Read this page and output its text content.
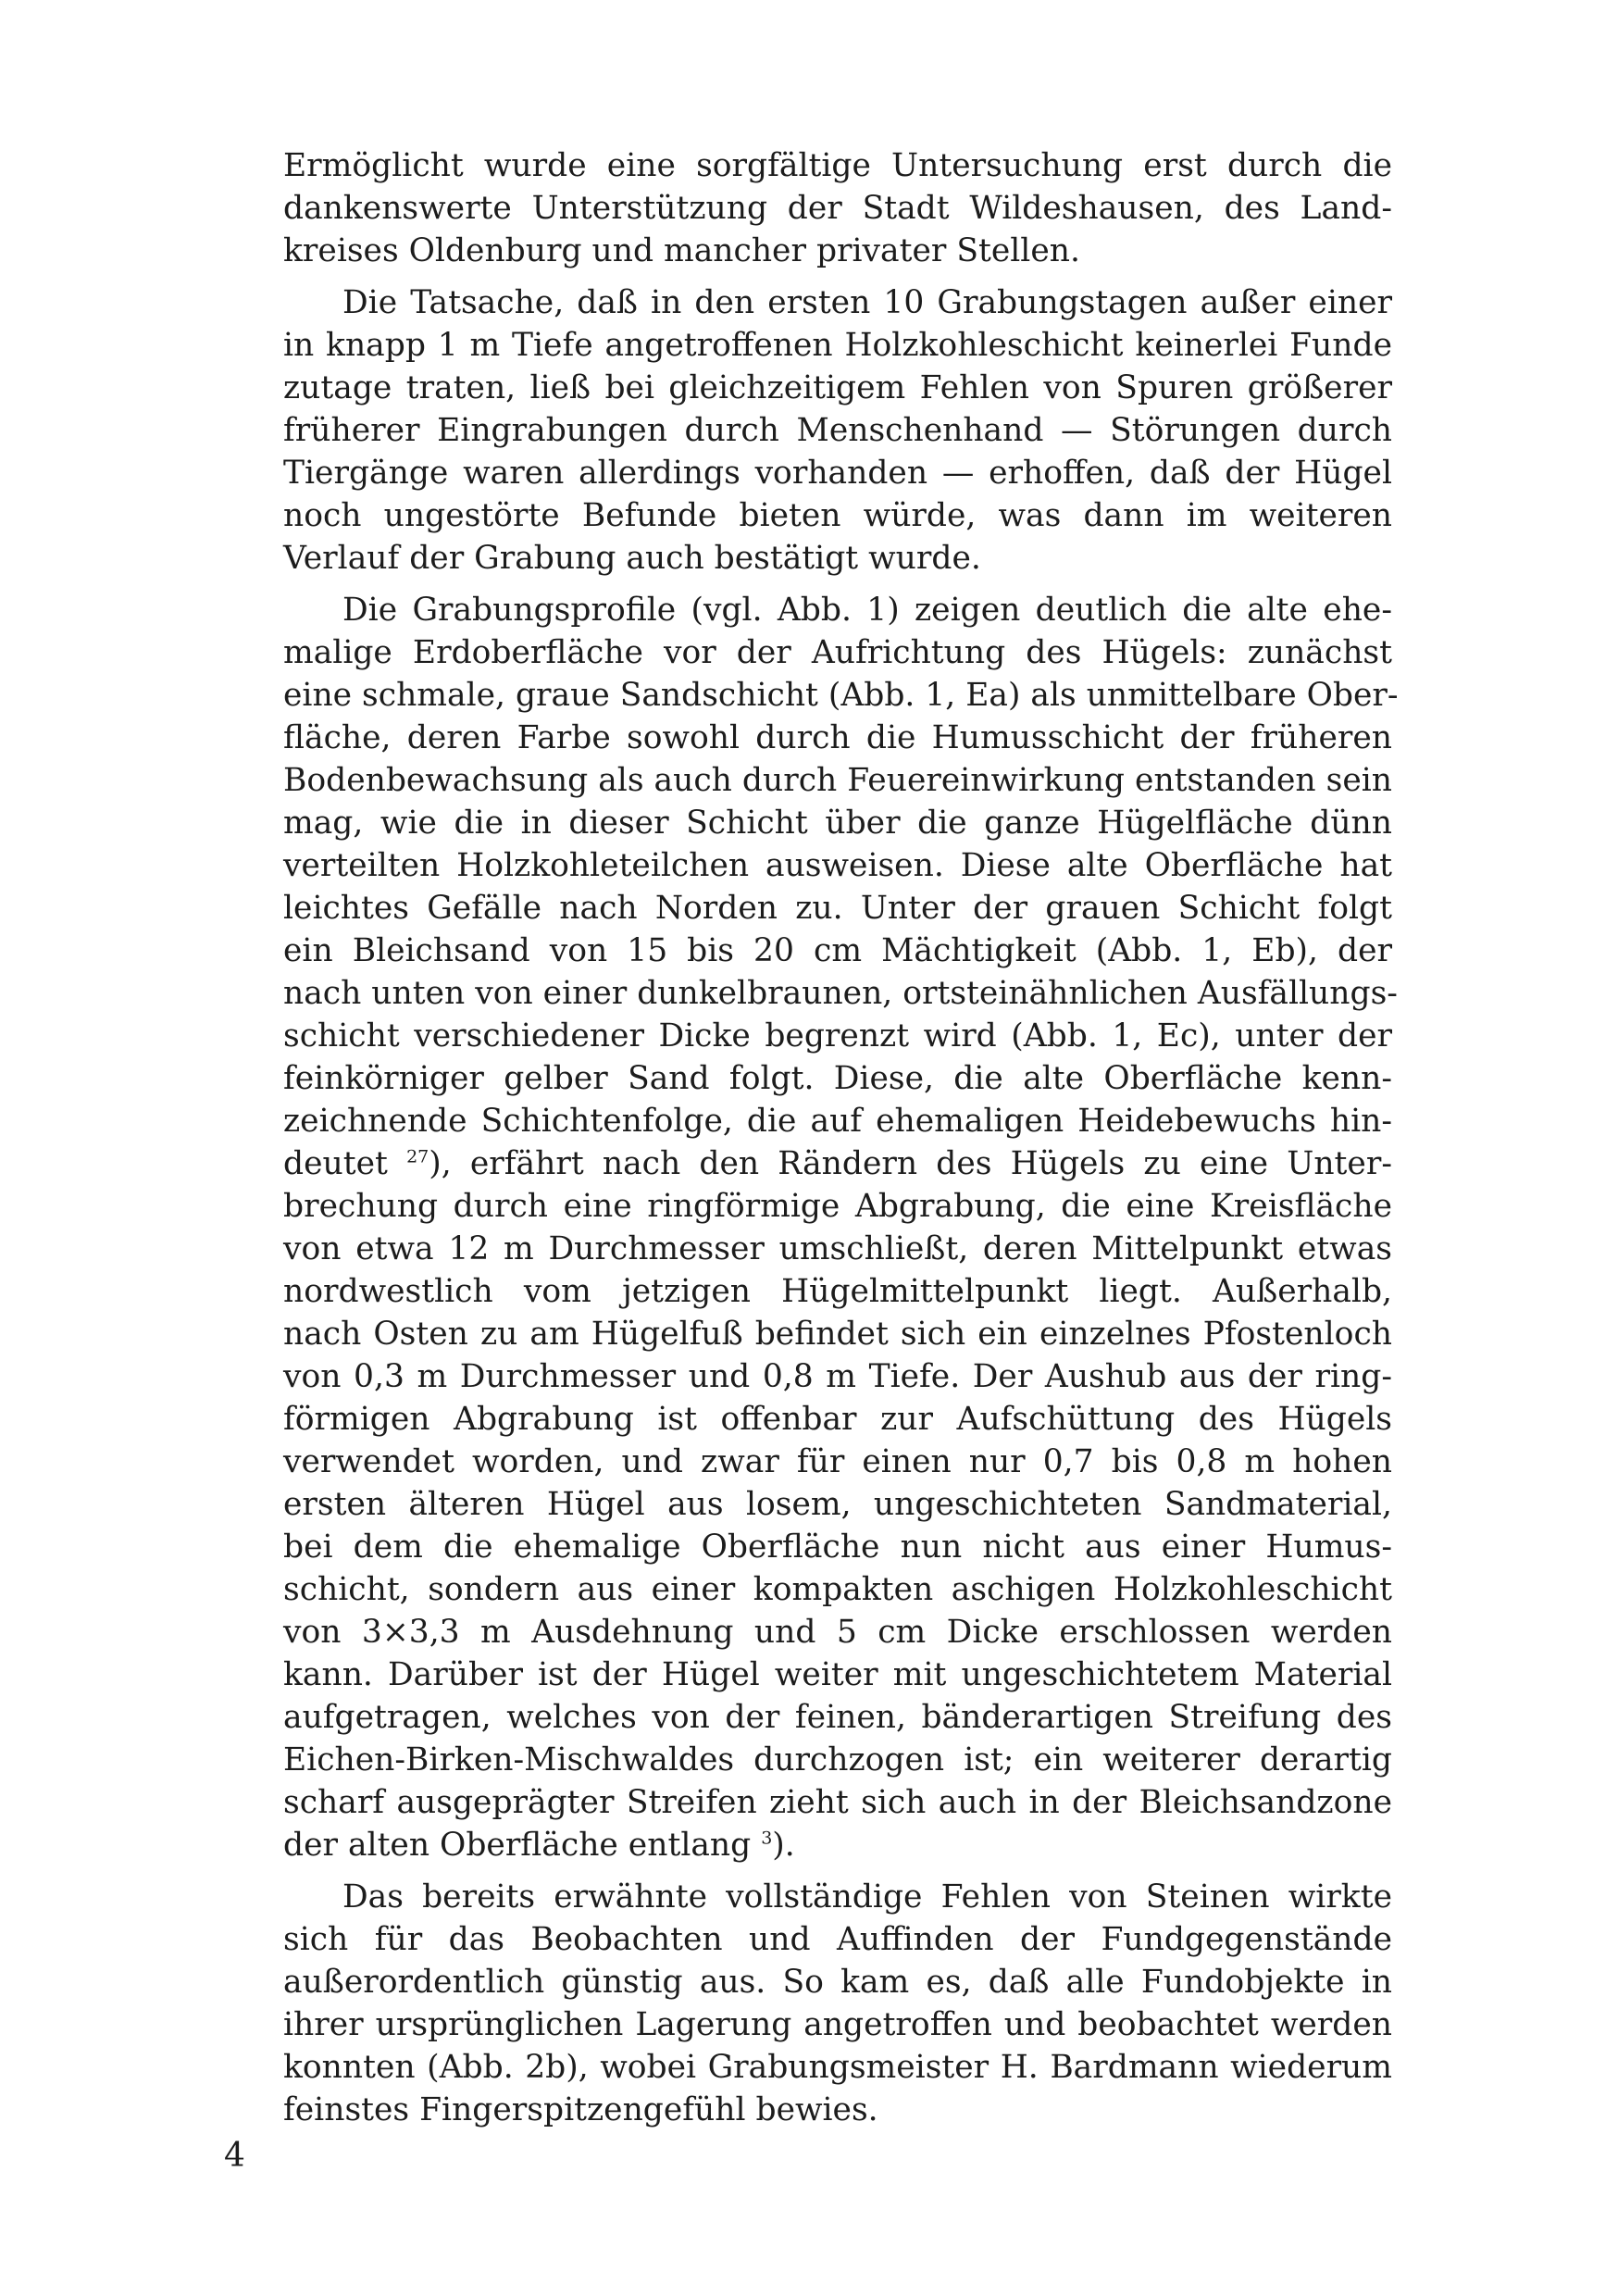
Ermöglicht wurde eine sorgfältige Untersuchung erst durch die
dankenswerte Unterstützung der Stadt Wildeshausen, des Land-
kreises Oldenburg und mancher privater Stellen.
Die Tatsache, daß in den ersten 10 Grabungstagen außer einer
in knapp 1 m Tiefe angetroffenen Holzkohleschicht keinerlei Funde
zutage traten, ließ bei gleichzeitigem Fehlen von Spuren größerer
früherer Eingrabungen durch Menschenhand — Störungen durch
Tiergänge waren allerdings vorhanden — erhoffen, daß der Hügel
noch ungestörte Befunde bieten würde, was dann im weiteren
Verlauf der Grabung auch bestätigt wurde.
Die Grabungsprofile (vgl. Abb. 1) zeigen deutlich die alte ehe-
malige Erdoberfläche vor der Aufrichtung des Hügels: zunächst
eine schmale, graue Sandschicht (Abb. 1, Ea) als unmittelbare Ober-
fläche, deren Farbe sowohl durch die Humusschicht der früheren
Bodenbewachsung als auch durch Feuereinwirkung entstanden sein
mag, wie die in dieser Schicht über die ganze Hügelfläche dünn
verteilten Holzkohleteilchen ausweisen. Diese alte Oberfläche hat
leichtes Gefälle nach Norden zu. Unter der grauen Schicht folgt
ein Bleichsand von 15 bis 20 cm Mächtigkeit (Abb. 1, Eb), der
nach unten von einer dunkelbraunen, ortsteinähnlichen Ausfällungs-
schicht verschiedener Dicke begrenzt wird (Abb. 1, Ec), unter der
feinkörniger gelber Sand folgt. Diese, die alte Oberfläche kenn-
zeichnende Schichtenfolge, die auf ehemaligen Heidebewuchs hin-
deutet $^{27}$), erfährt nach den Rändern des Hügels zu eine Unter-
brechung durch eine ringförmige Abgrabung, die eine Kreisfläche
von etwa 12 m Durchmesser umschließt, deren Mittelpunkt etwas
nordwestlich vom jetzigen Hügelmittelpunkt liegt. Außerhalb,
nach Osten zu am Hügelfuß befindet sich ein einzelnes Pfostenloch
von 0,3 m Durchmesser und 0,8 m Tiefe. Der Aushub aus der ring-
förmigen Abgrabung ist offenbar zur Aufschüttung des Hügels
verwendet worden, und zwar für einen nur 0,7 bis 0,8 m hohen
ersten älteren Hügel aus losem, ungeschichteten Sandmaterial,
bei dem die ehemalige Oberfläche nun nicht aus einer Humus-
schicht, sondern aus einer kompakten aschigen Holzkohleschicht
von 3×3,3 m Ausdehnung und 5 cm Dicke erschlossen werden
kann. Darüber ist der Hügel weiter mit ungeschichtetem Material
aufgetragen, welches von der feinen, bänderartigen Streifung des
Eichen-Birken-Mischwaldes durchzogen ist; ein weiterer derartig
scharf ausgeprägter Streifen zieht sich auch in der Bleichsandzone
der alten Oberfläche entlang $^3$).
Das bereits erwähnte vollständige Fehlen von Steinen wirkte
sich für das Beobachten und Auffinden der Fundgegenstände
außerordentlich günstig aus. So kam es, daß alle Fundobjekte in
ihrer ursprünglichen Lagerung angetroffen und beobachtet werden
konnten (Abb. 2b), wobei Grabungsmeister H. Bardmann wiederum
feinstes Fingerspitzengefühl bewies.
4
